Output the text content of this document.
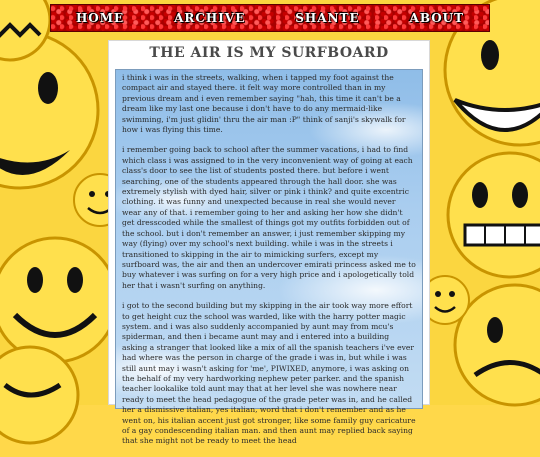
HOME	ARCHIVE	SHANTE	ABOUT
THE AIR IS MY SURFBOARD

i think i was in the streets, walking, when i tapped my foot against the compact air and stayed there. it felt way more controlled than in my previous dream and i even remember saying "hah, this time it can't be a dream like my last one because i don't have to do any mermaid-like swimming, i'm just glidin' thru the air man :P" think of sanji's skywalk for how i was flying this time.

i remember going back to school after the summer vacations, i had to find which class i was assigned to in the very inconvenient way of going at each class's door to see the list of students posted there. but before i went searching, one of the students appeared through the hall door. she was extremely stylish with dyed hair, silver or pink i think? and quite excentric clothing. it was funny and unexpected because in real she would never wear any of that. i remember going to her and asking her how she didn't get dresscoded while the smallest of things got my outfits forbidden out of the school. but i don't remember an answer, i just remember skipping my way (flying) over my school's next building. while i was in the streets i transitioned to skipping in the air to mimicking surfers, except my surfboard was, the air and then an undercover emirati princess asked me to buy whatever i was surfing on for a very high price and i apologetically told her that i wasn't surfing on anything.

i got to the second building but my skipping in the air took way more effort to get height cuz the school was warded, like with the harry potter magic system. and i was also suddenly accompanied by aunt may from mcu's spiderman, and then i became aunt may and i entered into a building asking a stranger that looked like a mix of all the spanish teachers i've ever had where was the person in charge of the grade i was in, but while i was still aunt may i wasn't asking for 'me', PIWIXED, anymore, i was asking on the behalf of my very hardworking nephew peter parker. and the spanish teacher lookalike told aunt may that at her level she was nowhere near ready to meet the head pedagogue of the grade peter was in, and he called her a dismissive italian, yes italian, word that i don't remember and as he went on, his italian accent just got stronger, like some family guy caricature of a gay condescending italian man. and then aunt may replied back saying that she might not be ready to meet the head
